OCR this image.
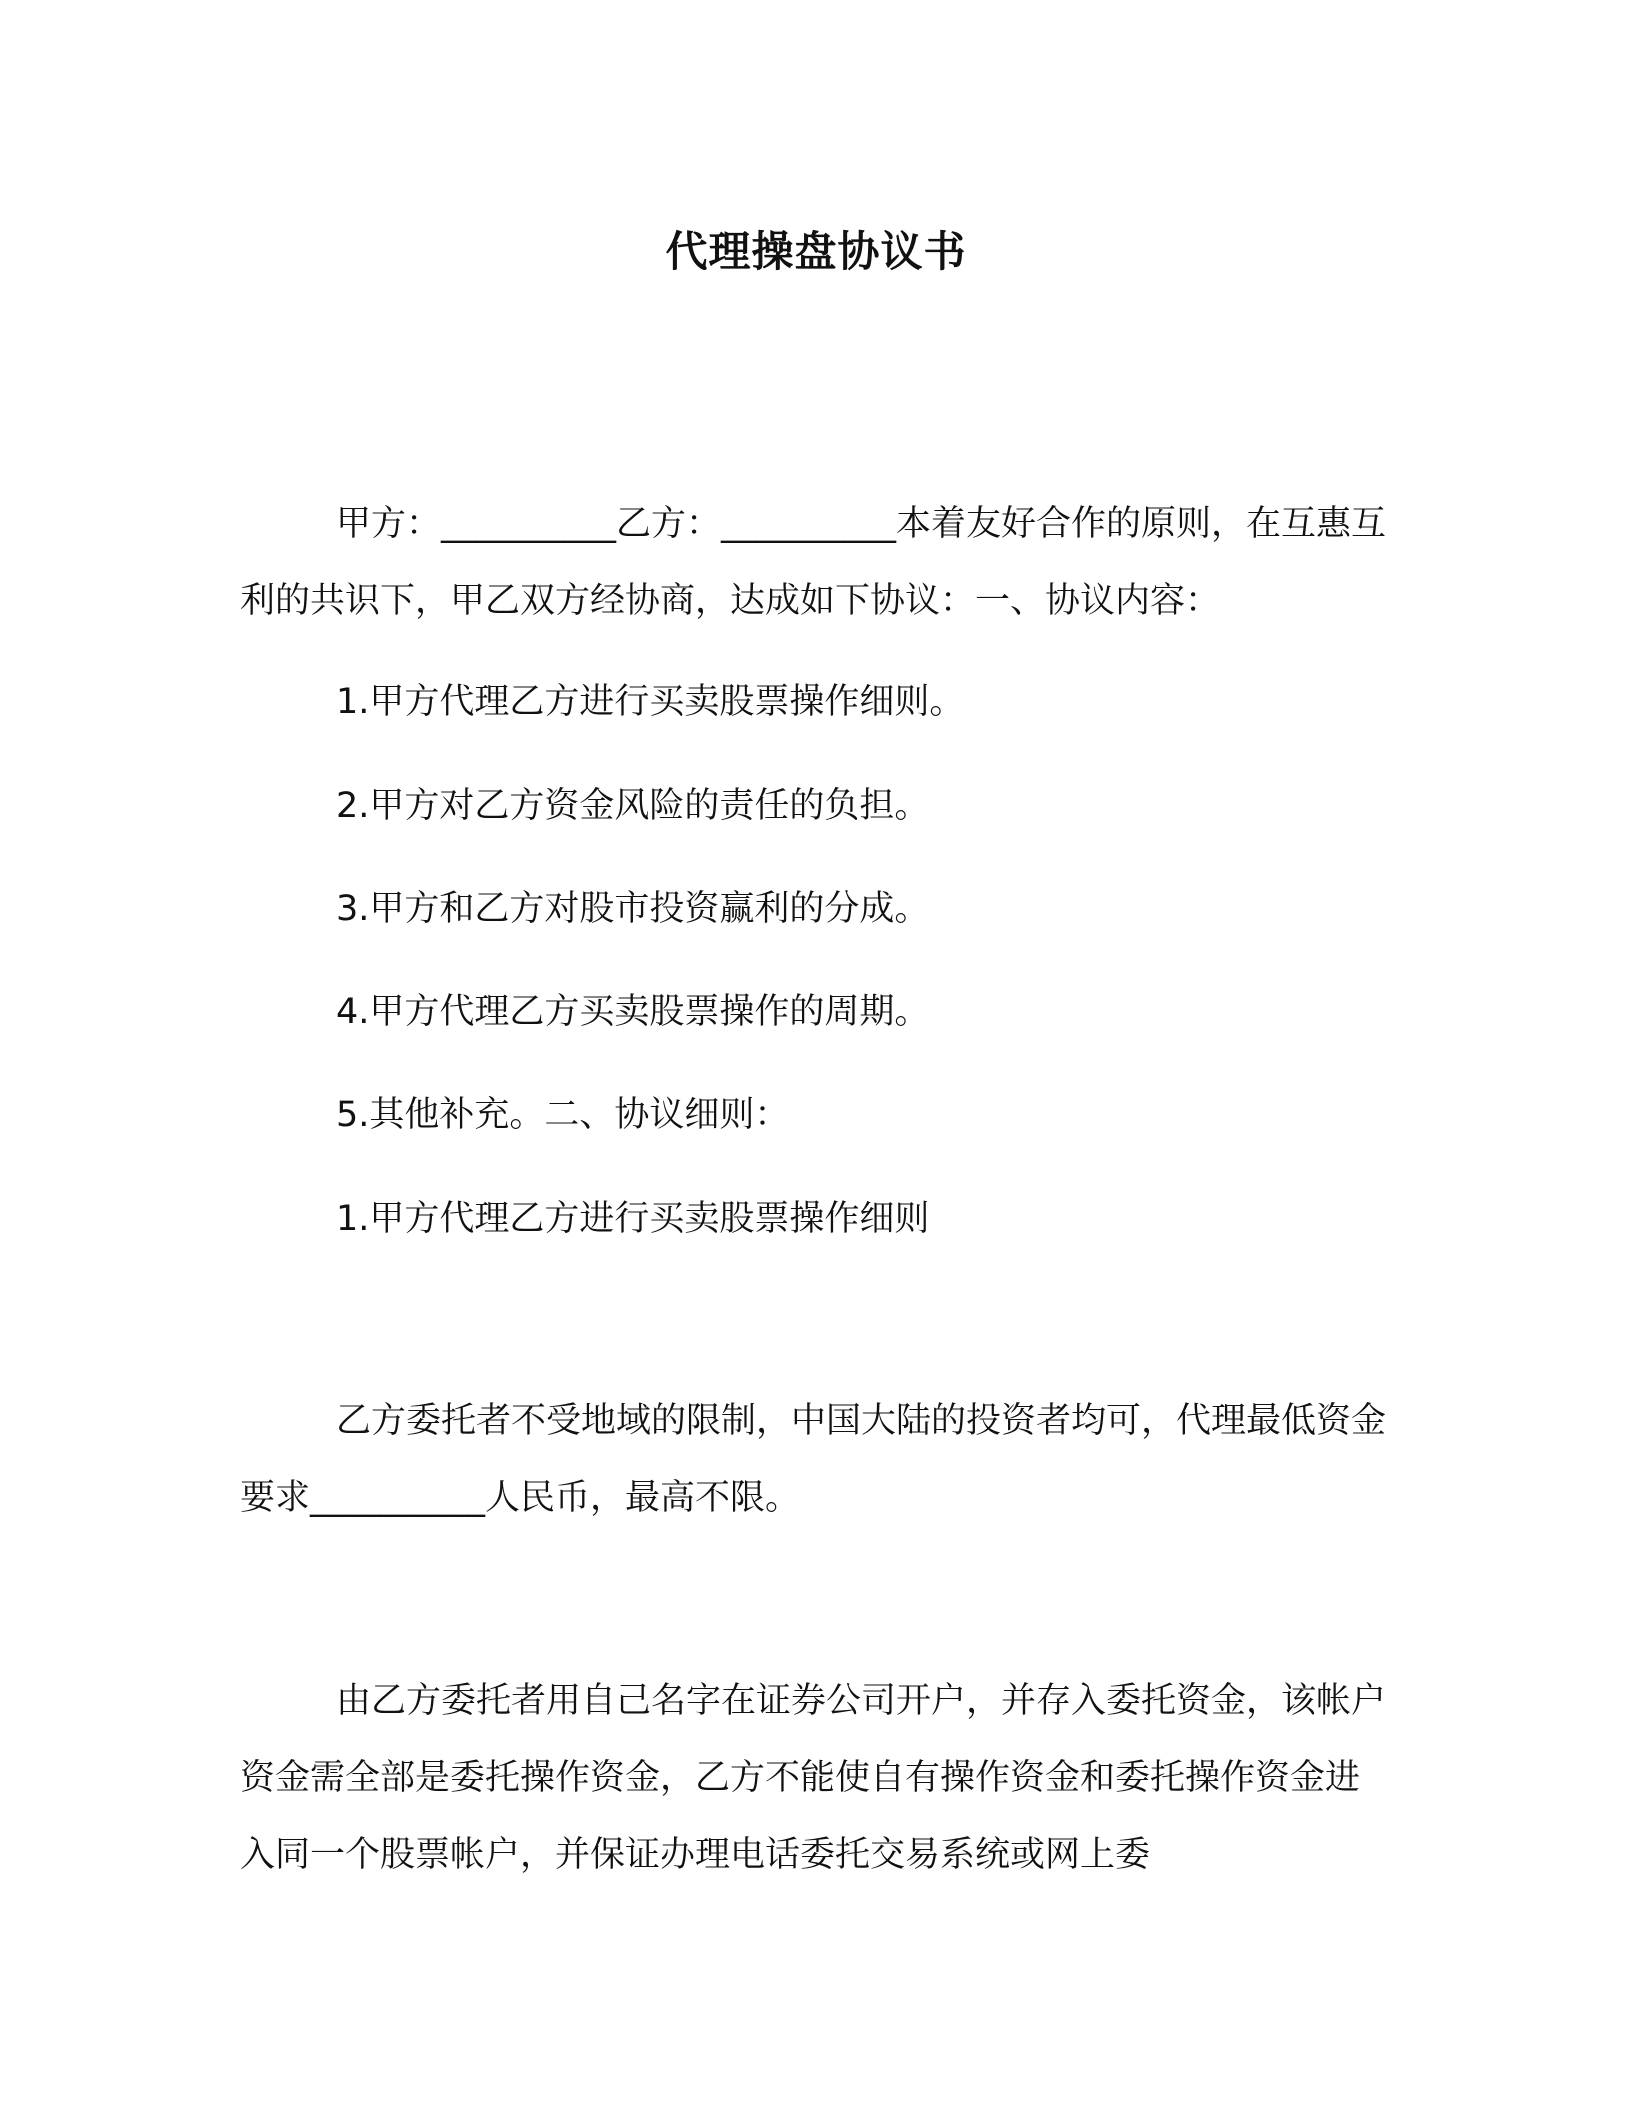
代理操盘协议书

甲方：__________乙方：__________本着友好合作的原则，在互惠互利的共识下，甲乙双方经协商，达成如下协议：一、协议内容：

1.甲方代理乙方进行买卖股票操作细则。

2.甲方对乙方资金风险的责任的负担。

3.甲方和乙方对股市投资赢利的分成。

4.甲方代理乙方买卖股票操作的周期。

5.其他补充。二、协议细则：

1.甲方代理乙方进行买卖股票操作细则

乙方委托者不受地域的限制，中国大陆的投资者均可，代理最低资金要求__________人民币，最高不限。

由乙方委托者用自己名字在证券公司开户，并存入委托资金，该帐户资金需全部是委托操作资金，乙方不能使自有操作资金和委托操作资金进入同一个股票帐户，并保证办理电话委托交易系统或网上委
